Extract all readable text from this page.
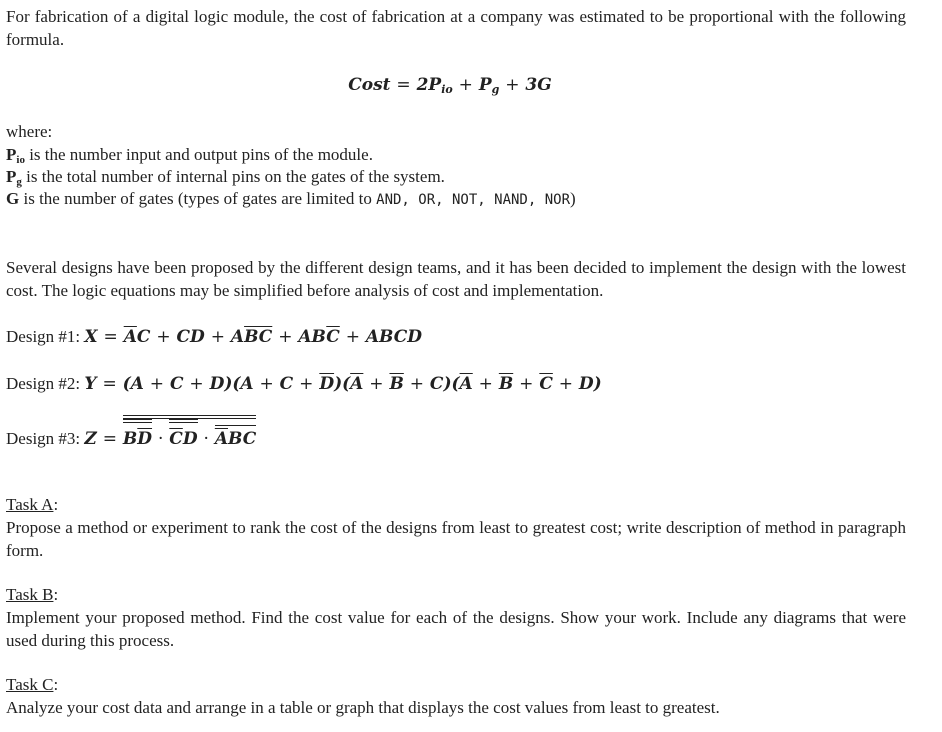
For fabrication of a digital logic module, the cost of fabrication at a company was estimated to be proportional with the following formula.

Cost = $2P_{io} + P_g + 3G$

where:

$P_{io}$ is the number input and output pins of the module.

$P_g$ is the total number of internal pins on the gates of the system.

G is the number of gates (types of gates are limited to AND, OR, NOT, NAND, NOR)

Several designs have been proposed by the different design teams, and it has been decided to implement the design with the lowest cost. The logic equations may be simplified before analysis of cost and implementation.

Design #1: $X = \overline{A}C$ + CD + $A\overline{BC} + AB\overline{C}$ + ABCD

Design #2: $Y = (A + C + D)(A + C + \overline{D})(\overline{A} + \overline{B} + C)(\overline{A} + \overline{B} + \overline{C} + D)$

Design #3: $Z = B\overline{D} \cdot \overline{C}D \cdot \overline{A}BC$

Task A:

Propose a method or experiment to rank the cost of the designs from least to greatest cost; write description of method in paragraph form.

Task B:

Implement your proposed method. Find the cost value for each of the designs. Show your work. Include any diagrams that were used during this process.

Task C:

Analyze your cost data and arrange in a table or graph that displays the cost values from least to greatest.
